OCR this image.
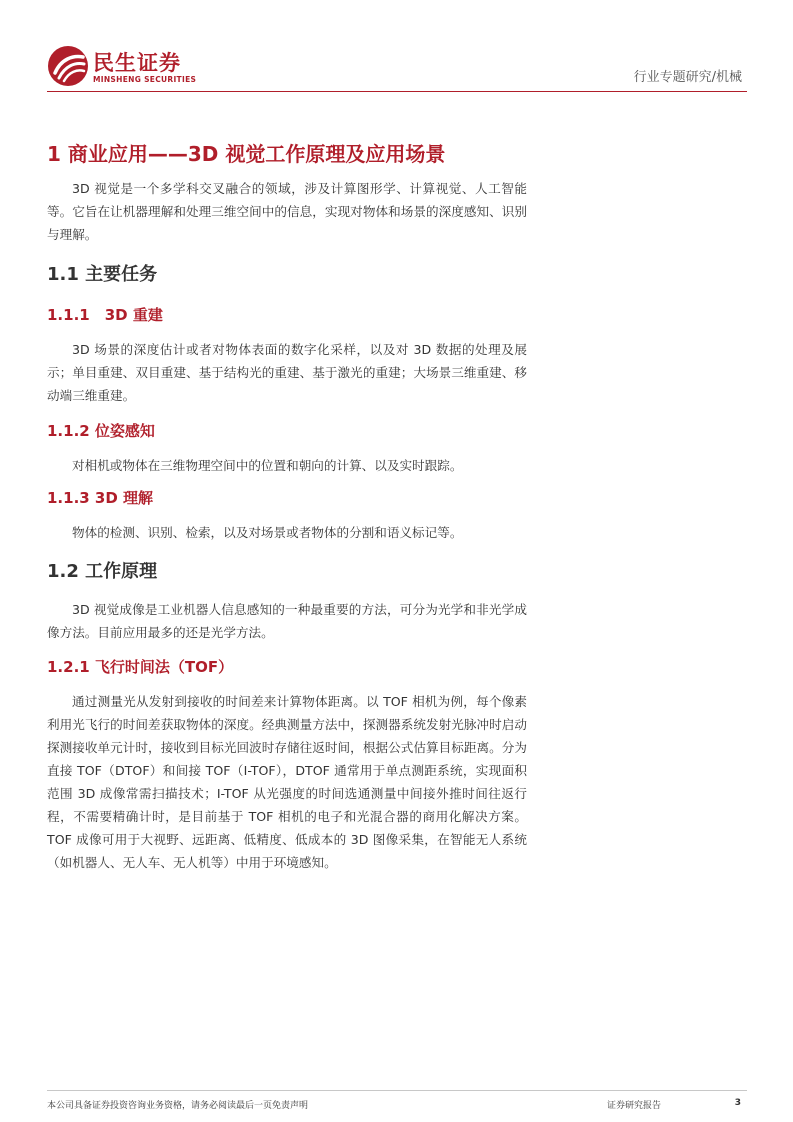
民生证券
MINSHENG SECURITIES	行业专题研究/机械
1 商业应用——3D 视觉工作原理及应用场景

3D 视觉是一个多学科交叉融合的领域，涉及计算图形学、计算视觉、人工智能等。它旨在让机器理解和处理三维空间中的信息，实现对物体和场景的深度感知、识别与理解。

1.1 主要任务
1.1.1　3D 重建

3D 场景的深度估计或者对物体表面的数字化采样，以及对 3D 数据的处理及展示；单目重建、双目重建、基于结构光的重建、基于激光的重建；大场景三维重建、移动端三维重建。

1.1.2 位姿感知

对相机或物体在三维物理空间中的位置和朝向的计算、以及实时跟踪。

1.1.3 3D 理解

物体的检测、识别、检索，以及对场景或者物体的分割和语义标记等。

1.2 工作原理

3D 视觉成像是工业机器人信息感知的一种最重要的方法，可分为光学和非光学成像方法。目前应用最多的还是光学方法。

1.2.1 飞行时间法（TOF）

通过测量光从发射到接收的时间差来计算物体距离。以 TOF 相机为例，每个像素利用光飞行的时间差获取物体的深度。经典测量方法中，探测器系统发射光脉冲时启动探测接收单元计时，接收到目标光回波时存储往返时间，根据公式估算目标距离。分为直接 TOF（DTOF）和间接 TOF（I-TOF），DTOF 通常用于单点测距系统，实现面积范围 3D 成像常需扫描技术；I-TOF 从光强度的时间选通测量中间接外推时间往返行程，不需要精确计时，是目前基于 TOF 相机的电子和光混合器的商用化解决方案。TOF 成像可用于大视野、远距离、低精度、低成本的 3D 图像采集，在智能无人系统（如机器人、无人车、无人机等）中用于环境感知。

本公司具备证券投资咨询业务资格，请务必阅读最后一页免责声明	证券研究报告	3
